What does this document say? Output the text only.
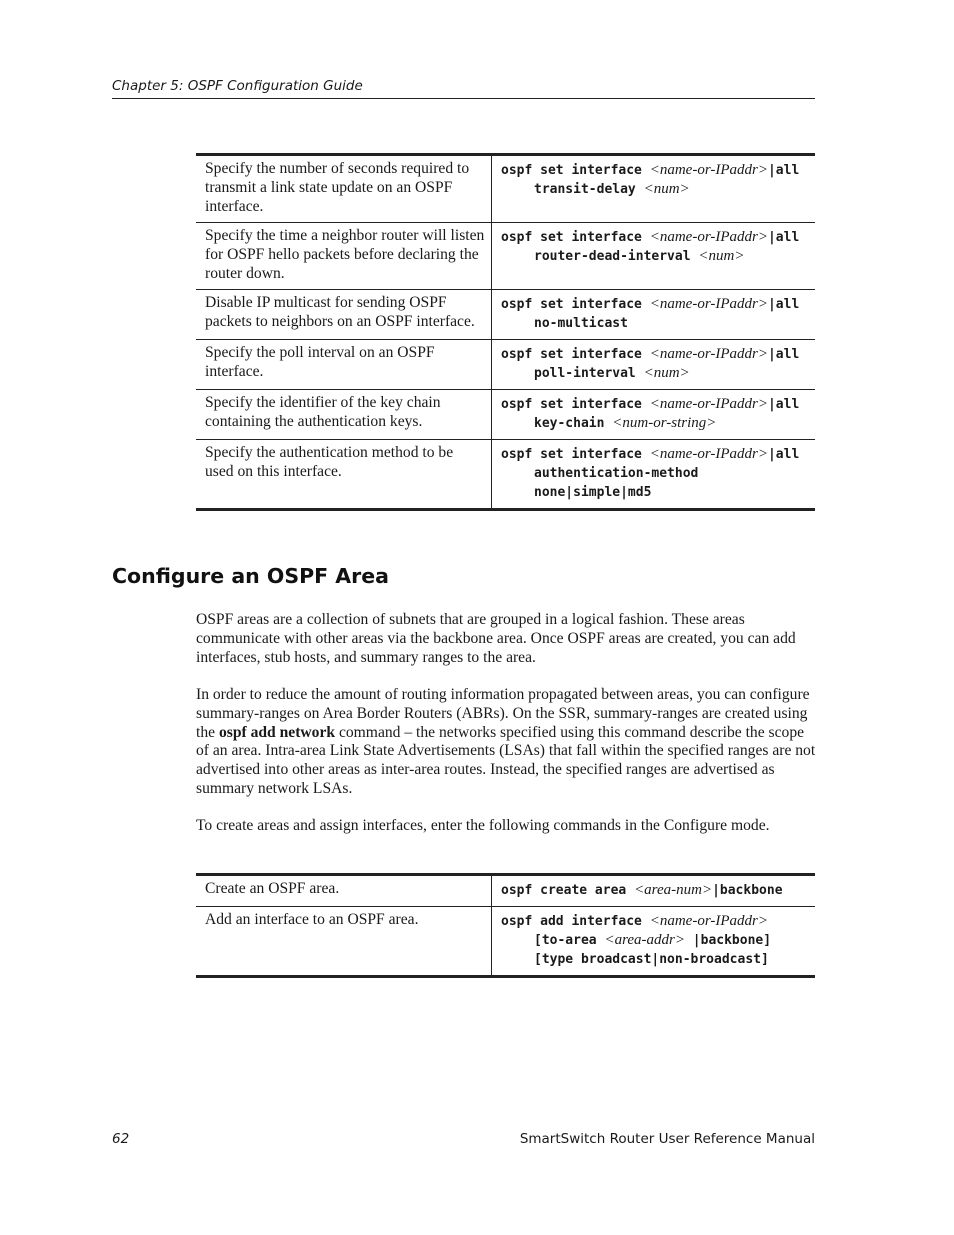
Chapter 5: OSPF Configuration Guide
Specify the number of seconds required to transmit a link state update on an OSPF interface.	ospf set interface <name-or-IPaddr>|all
transit-delay <num>

Specify the time a neighbor router will listen for OSPF hello packets before declaring the router down.	ospf set interface <name-or-IPaddr>|all
router-dead-interval <num>

Disable IP multicast for sending OSPF packets to neighbors on an OSPF interface.	ospf set interface <name-or-IPaddr>|all
no-multicast

Specify the poll interval on an OSPF interface.	ospf set interface <name-or-IPaddr>|all
poll-interval <num>

Specify the identifier of the key chain containing the authentication keys.	ospf set interface <name-or-IPaddr>|all
key-chain <num-or-string>

Specify the authentication method to be used on this interface.	ospf set interface <name-or-IPaddr>|all
authentication-method
none|simple|md5
Configure an OSPF Area

OSPF areas are a collection of subnets that are grouped in a logical fashion. These areas communicate with other areas via the backbone area. Once OSPF areas are created, you can add interfaces, stub hosts, and summary ranges to the area.

In order to reduce the amount of routing information propagated between areas, you can configure summary-ranges on Area Border Routers (ABRs). On the SSR, summary-ranges are created using the ospf add network command – the networks specified using this command describe the scope of an area. Intra-area Link State Advertisements (LSAs) that fall within the specified ranges are not advertised into other areas as inter-area routes. Instead, the specified ranges are advertised as summary network LSAs.

To create areas and assign interfaces, enter the following commands in the Configure mode.

Create an OSPF area.	ospf create area <area-num>|backbone
Add an interface to an OSPF area.	ospf add interface <name-or-IPaddr>
[to-area <area-addr> |backbone]
[type broadcast|non-broadcast]
62	SmartSwitch Router User Reference Manual
